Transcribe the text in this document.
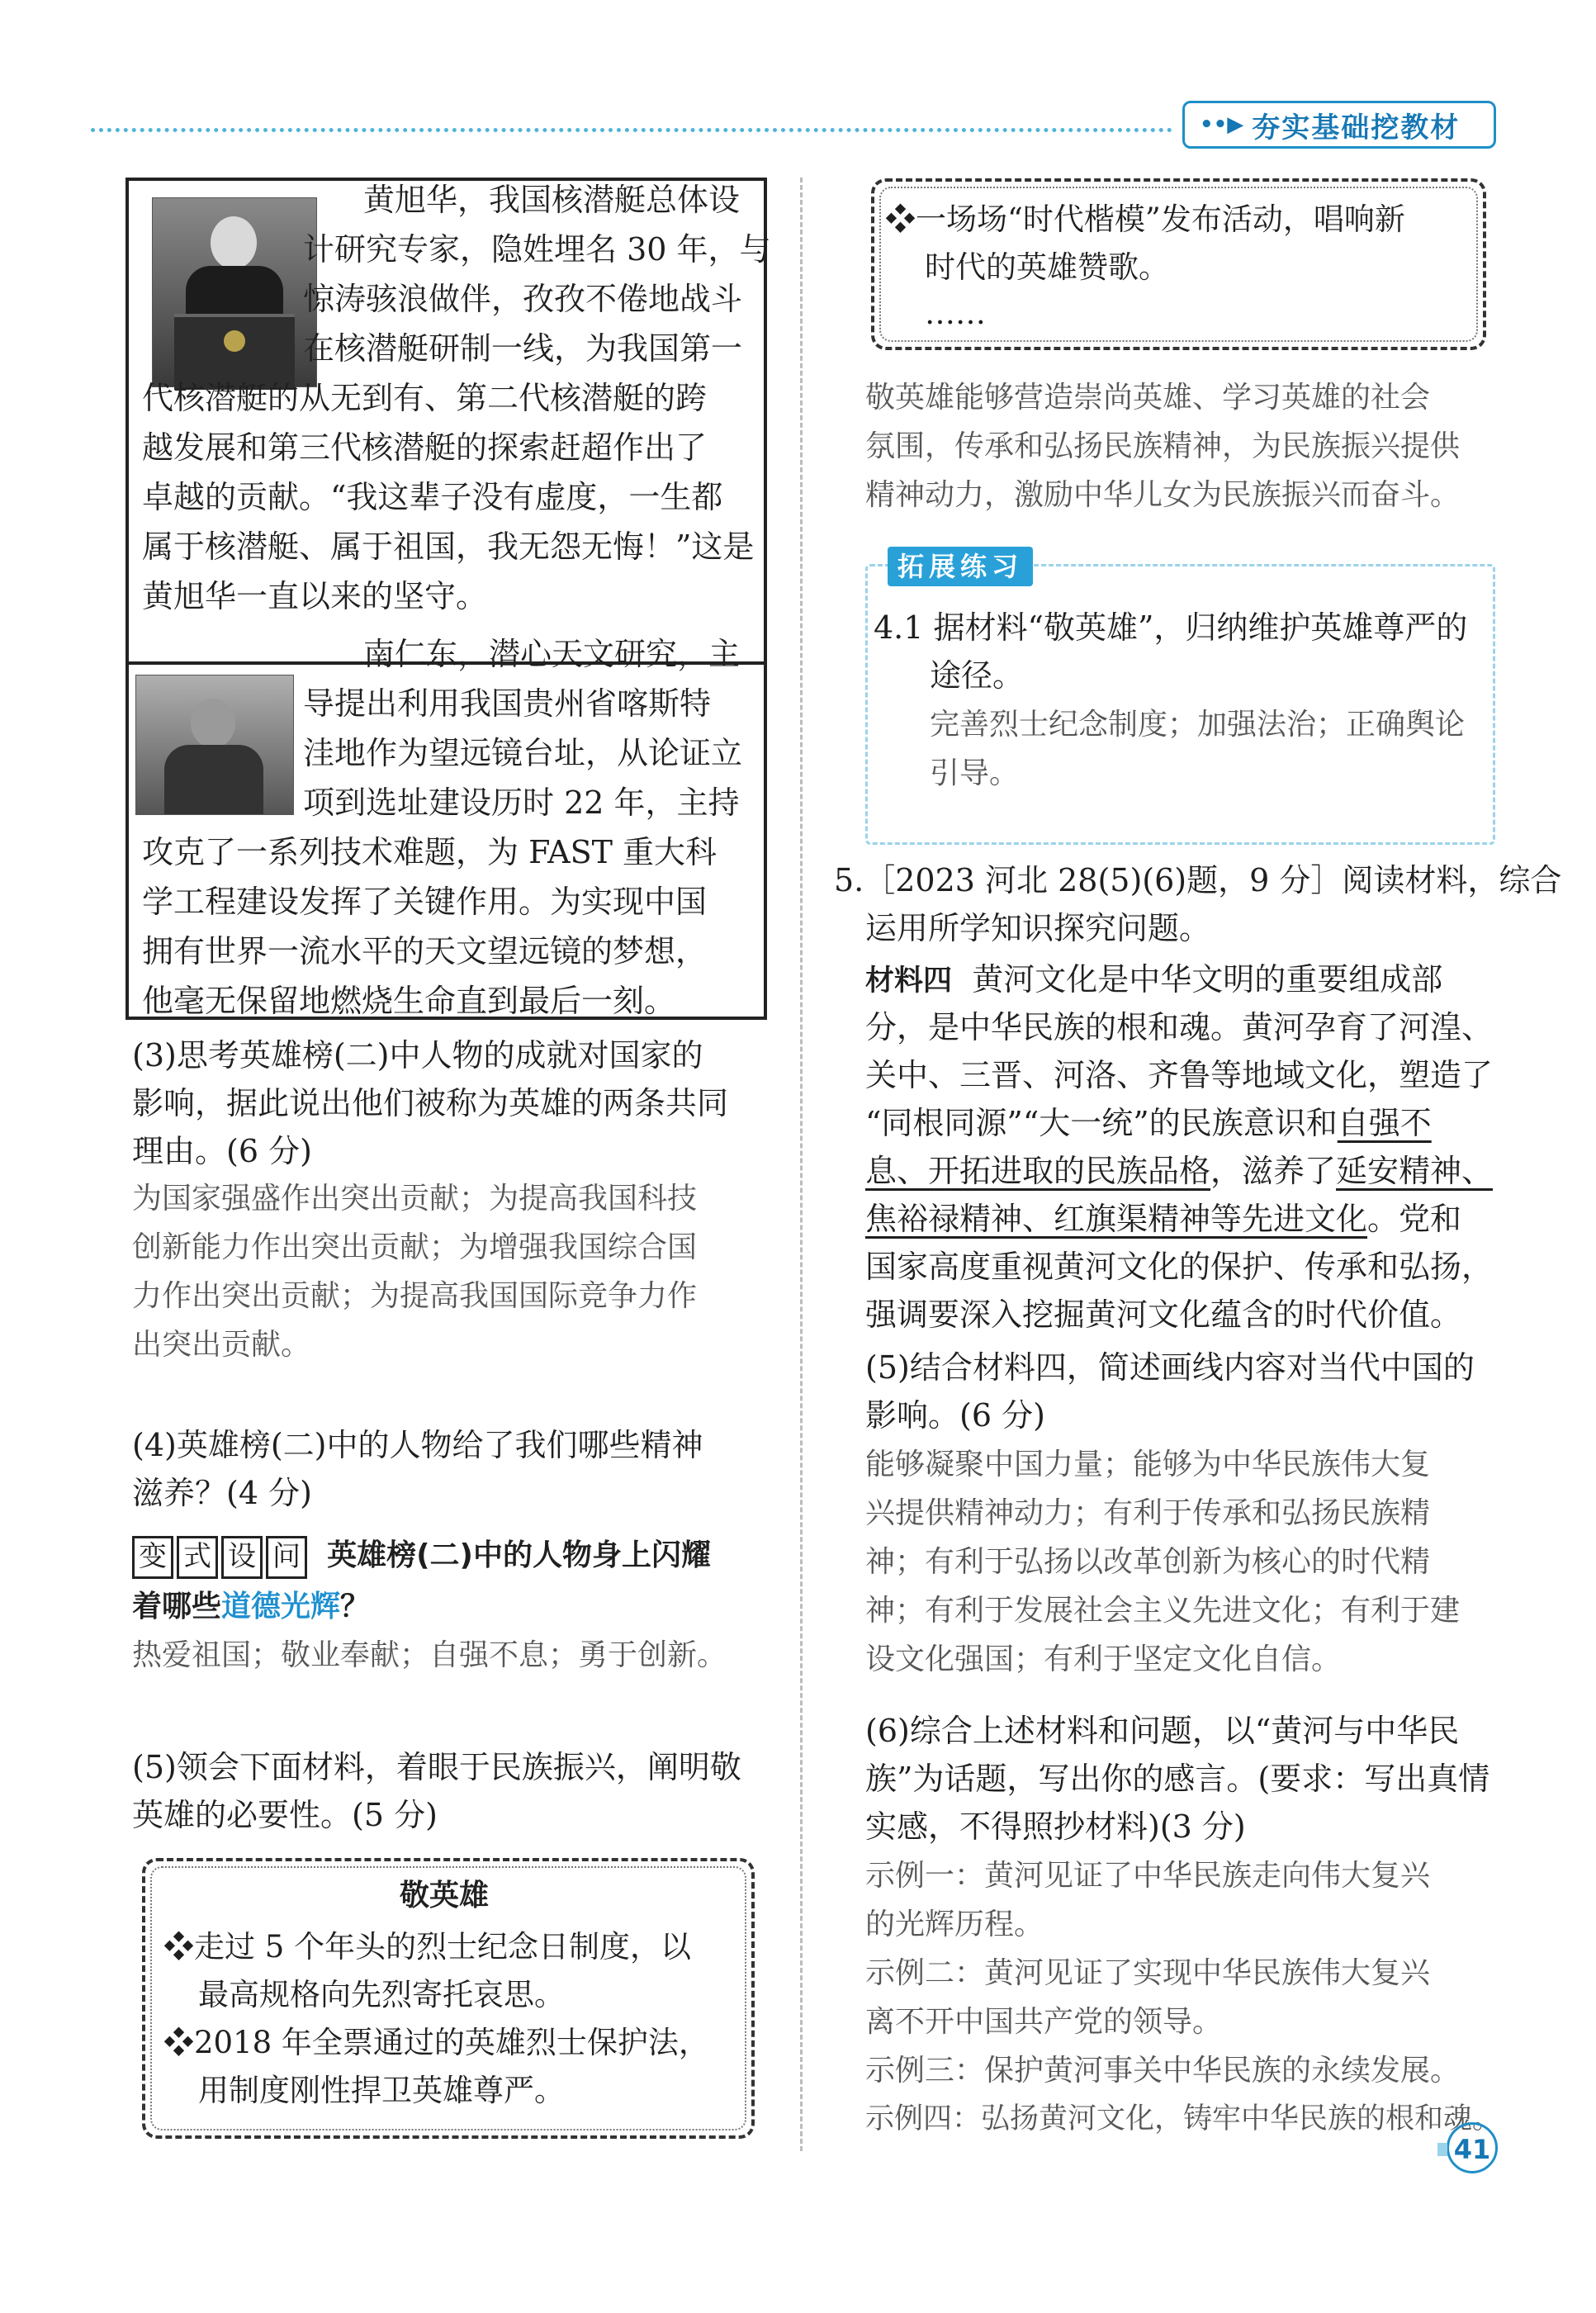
••▶ 夯实基础挖教材
黄旭华，我国核潜艇总体设
计研究专家，隐姓埋名 30 年，与
惊涛骇浪做伴，孜孜不倦地战斗
在核潜艇研制一线，为我国第一
代核潜艇的从无到有、第二代核潜艇的跨
越发展和第三代核潜艇的探索赶超作出了
卓越的贡献。“我这辈子没有虚度，一生都
属于核潜艇、属于祖国，我无怨无悔！”这是
黄旭华一直以来的坚守。
南仁东，潜心天文研究，主
导提出利用我国贵州省喀斯特
洼地作为望远镜台址，从论证立
项到选址建设历时 22 年，主持
攻克了一系列技术难题，为 FAST 重大科
学工程建设发挥了关键作用。为实现中国
拥有世界一流水平的天文望远镜的梦想，
他毫无保留地燃烧生命直到最后一刻。
(3)思考英雄榜(二)中人物的成就对国家的
影响，据此说出他们被称为英雄的两条共同
理由。(6 分)
为国家强盛作出突出贡献；为提高我国科技
创新能力作出突出贡献；为增强我国综合国
力作出突出贡献；为提高我国国际竞争力作
出突出贡献。
(4)英雄榜(二)中的人物给了我们哪些精神
滋养？(4 分)
变 式 设 问 英雄榜(二)中的人物身上闪耀
着哪些道德光辉？
热爱祖国；敬业奉献；自强不息；勇于创新。
(5)领会下面材料，着眼于民族振兴，阐明敬
英雄的必要性。(5 分)
敬英雄
❖走过 5 个年头的烈士纪念日制度，以
最高规格向先烈寄托哀思。
❖2018 年全票通过的英雄烈士保护法，
用制度刚性捍卫英雄尊严。
❖一场场“时代楷模”发布活动，唱响新
时代的英雄赞歌。
……
敬英雄能够营造崇尚英雄、学习英雄的社会
氛围，传承和弘扬民族精神，为民族振兴提供
精神动力，激励中华儿女为民族振兴而奋斗。
拓展练习
4.1 据材料“敬英雄”，归纳维护英雄尊严的
途径。
完善烈士纪念制度；加强法治；正确舆论
引导。
5.［2023 河北 28(5)(6)题，9 分］阅读材料，综合
运用所学知识探究问题。
材料四 黄河文化是中华文明的重要组成部
分，是中华民族的根和魂。黄河孕育了河湟、
关中、三晋、河洛、齐鲁等地域文化，塑造了
“同根同源”“大一统”的民族意识和自强不
息、开拓进取的民族品格，滋养了延安精神、
焦裕禄精神、红旗渠精神等先进文化。党和
国家高度重视黄河文化的保护、传承和弘扬，
强调要深入挖掘黄河文化蕴含的时代价值。
(5)结合材料四，简述画线内容对当代中国的
影响。(6 分)
能够凝聚中国力量；能够为中华民族伟大复
兴提供精神动力；有利于传承和弘扬民族精
神；有利于弘扬以改革创新为核心的时代精
神；有利于发展社会主义先进文化；有利于建
设文化强国；有利于坚定文化自信。
(6)综合上述材料和问题，以“黄河与中华民
族”为话题，写出你的感言。(要求：写出真情
实感，不得照抄材料)(3 分)
示例一：黄河见证了中华民族走向伟大复兴
的光辉历程。
示例二：黄河见证了实现中华民族伟大复兴
离不开中国共产党的领导。
示例三：保护黄河事关中华民族的永续发展。
示例四：弘扬黄河文化，铸牢中华民族的根和魂。
41
